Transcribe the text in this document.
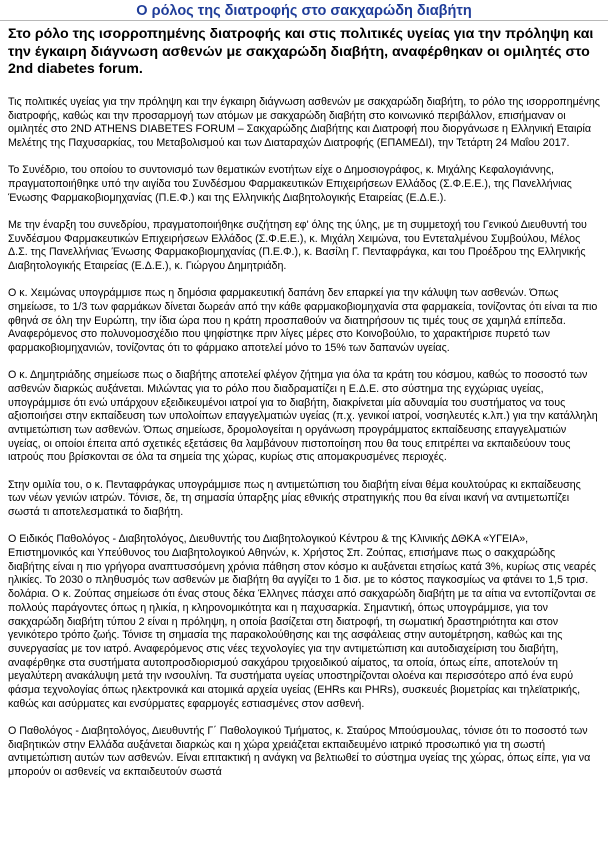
Ο ρόλος της διατροφής στο σακχαρώδη διαβήτη

Στο ρόλο της ισορροπημένης διατροφής και στις πολιτικές υγείας για την πρόληψη και την έγκαιρη διάγνωση ασθενών με σακχαρώδη διαβήτη, αναφέρθηκαν οι ομιλητές στο 2nd diabetes forum.

Τις πολιτικές υγείας για την πρόληψη και την έγκαιρη διάγνωση ασθενών με σακχαρώδη διαβήτη, το ρόλο της ισορροπημένης διατροφής, καθώς και την προσαρμογή των ατόμων με σακχαρώδη διαβήτη στο κοινωνικό περιβάλλον, επισήμαναν οι ομιλητές στο 2ND ATHENS DIABETES FORUM – Σακχαρώδης Διαβήτης και Διατροφή που διοργάνωσε η Ελληνική Εταιρία Μελέτης της Παχυσαρκίας, του Μεταβολισμού και των Διαταραχών Διατροφής (ΕΠΑΜΕΔΙ), την Τετάρτη 24 Μαΐου 2017.

Το Συνέδριο, του οποίου το συντονισμό των θεματικών ενοτήτων είχε ο Δημοσιογράφος, κ. Μιχάλης Κεφαλογιάννης, πραγματοποιήθηκε υπό την αιγίδα του Συνδέσμου Φαρμακευτικών Επιχειρήσεων Ελλάδος (Σ.Φ.Ε.Ε.), της Πανελλήνιας Ένωσης Φαρμακοβιομηχανίας (Π.Ε.Φ.) και της Ελληνικής Διαβητολογικής Εταιρείας (Ε.Δ.Ε.).

Με την έναρξη του συνεδρίου, πραγματοποιήθηκε συζήτηση εφ' όλης της ύλης, με τη συμμετοχή του Γενικού Διευθυντή του Συνδέσμου Φαρμακευτικών Επιχειρήσεων Ελλάδος (Σ.Φ.Ε.Ε.), κ. Μιχάλη Χειμώνα, του Εντεταλμένου Συμβούλου, Μέλος Δ.Σ. της Πανελλήνιας Ένωσης Φαρμακοβιομηχανίας (Π.Ε.Φ.), κ. Βασίλη Γ. Πενταφράγκα, και του Προέδρου της Ελληνικής Διαβητολογικής Εταιρείας (Ε.Δ.Ε.), κ. Γιώργου Δημητριάδη.

Ο κ. Χειμώνας υπογράμμισε πως η δημόσια φαρμακευτική δαπάνη δεν επαρκεί για την κάλυψη των ασθενών. Όπως σημείωσε, το 1/3 των φαρμάκων δίνεται δωρεάν από την κάθε φαρμακοβιομηχανία στα φαρμακεία, τονίζοντας ότι είναι τα πιο φθηνά σε όλη την Ευρώπη, την ίδια ώρα που η κράτη προσπαθούν να διατηρήσουν τις τιμές τους σε χαμηλά επίπεδα. Αναφερόμενος στο πολυνομοσχέδιο που ψηφίστηκε πριν λίγες μέρες στο Κοινοβούλιο, το χαρακτήρισε πυρετό των φαρμακοβιομηχανιών, τονίζοντας ότι το φάρμακο αποτελεί μόνο το 15% των δαπανών υγείας.

Ο κ. Δημητριάδης σημείωσε πως ο διαβήτης αποτελεί φλέγον ζήτημα για όλα τα κράτη του κόσμου, καθώς το ποσοστό των ασθενών διαρκώς αυξάνεται. Μιλώντας για το ρόλο που διαδραματίζει η Ε.Δ.Ε. στο σύστημα της εγχώριας υγείας, υπογράμμισε ότι ενώ υπάρχουν εξειδικευμένοι ιατροί για το διαβήτη, διακρίνεται μία αδυναμία του συστήματος να τους αξιοποιήσει στην εκπαίδευση των υπολοίπων επαγγελματιών υγείας (π.χ. γενικοί ιατροί, νοσηλευτές κ.λπ.) για την κατάλληλη αντιμετώπιση των ασθενών. Όπως σημείωσε, δρομολογείται η οργάνωση προγράμματος εκπαίδευσης επαγγελματιών υγείας, οι οποίοι έπειτα από σχετικές εξετάσεις θα λαμβάνουν πιστοποίηση που θα τους επιτρέπει να εκπαιδεύουν τους ιατρούς που βρίσκονται σε όλα τα σημεία της χώρας, κυρίως στις απομακρυσμένες περιοχές.

Στην ομιλία του, ο κ. Πενταφράγκας υπογράμμισε πως η αντιμετώπιση του διαβήτη είναι θέμα κουλτούρας κι εκπαίδευσης των νέων γενιών ιατρών. Τόνισε, δε, τη σημασία ύπαρξης μίας εθνικής στρατηγικής που θα είναι ικανή να αντιμετωπίζει σωστά τι αποτελεσματικά το διαβήτη.

Ο Ειδικός Παθολόγος - Διαβητολόγος, Διευθυντής του Διαβητολογικού Κέντρου & της Κλινικής ΔΘΚΑ «ΥΓΕΙΑ», Επιστημονικός και Υπεύθυνος του Διαβητολογικού Αθηνών, κ. Χρήστος Σπ. Ζούπας, επισήμανε πως ο σακχαρώδης διαβήτης είναι η πιο γρήγορα αναπτυσσόμενη χρόνια πάθηση στον κόσμο κι αυξάνεται ετησίως κατά 3%, κυρίως στις νεαρές ηλικίες. Το 2030 ο πληθυσμός των ασθενών με διαβήτη θα αγγίζει το 1 δισ. με το κόστος παγκοσμίως να φτάνει το 1,5 τρισ. δολάρια. Ο κ. Ζούπας σημείωσε ότι ένας στους δέκα Έλληνες πάσχει από σακχαρώδη διαβήτη με τα αίτια να εντοπίζονται σε πολλούς παράγοντες όπως η ηλικία, η κληρονομικότητα και η παχυσαρκία. Σημαντική, όπως υπογράμμισε, για τον σακχαρώδη διαβήτη τύπου 2 είναι η πρόληψη, η οποία βασίζεται στη διατροφή, τη σωματική δραστηριότητα και στον γενικότερο τρόπο ζωής. Τόνισε τη σημασία της παρακολούθησης και της ασφάλειας στην αυτομέτρηση, καθώς και της συνεργασίας με τον ιατρό. Αναφερόμενος στις νέες τεχνολογίες για την αντιμετώπιση και αυτοδιαχείριση του διαβήτη, αναφέρθηκε στα συστήματα αυτοπροσδιορισμού σακχάρου τριχοειδικού αίματος, τα οποία, όπως είπε, αποτελούν τη μεγαλύτερη ανακάλυψη μετά την ινσουλίνη. Τα συστήματα υγείας υποστηρίζονται ολοένα και περισσότερο από ένα ευρύ φάσμα τεχνολογίας όπως ηλεκτρονικά και ατομικά αρχεία υγείας (EHRs και PHRs), συσκευές βιομετρίας και τηλεϊατρικής, καθώς και ασύρματες και ενσύρματες εφαρμογές εστιασμένες στον ασθενή.

Ο Παθολόγος - Διαβητολόγος, Διευθυντής Γ΄ Παθολογικού Τμήματος, κ. Σταύρος Μπούσμουλας, τόνισε ότι το ποσοστό των διαβητικών στην Ελλάδα αυξάνεται διαρκώς και η χώρα χρειάζεται εκπαιδευμένο ιατρικό προσωπικό για τη σωστή αντιμετώπιση αυτών των ασθενών. Είναι επιτακτική η ανάγκη να βελτιωθεί το σύστημα υγείας της χώρας, όπως είπε, για να μπορούν οι ασθενείς να εκπαιδευτούν σωστά
